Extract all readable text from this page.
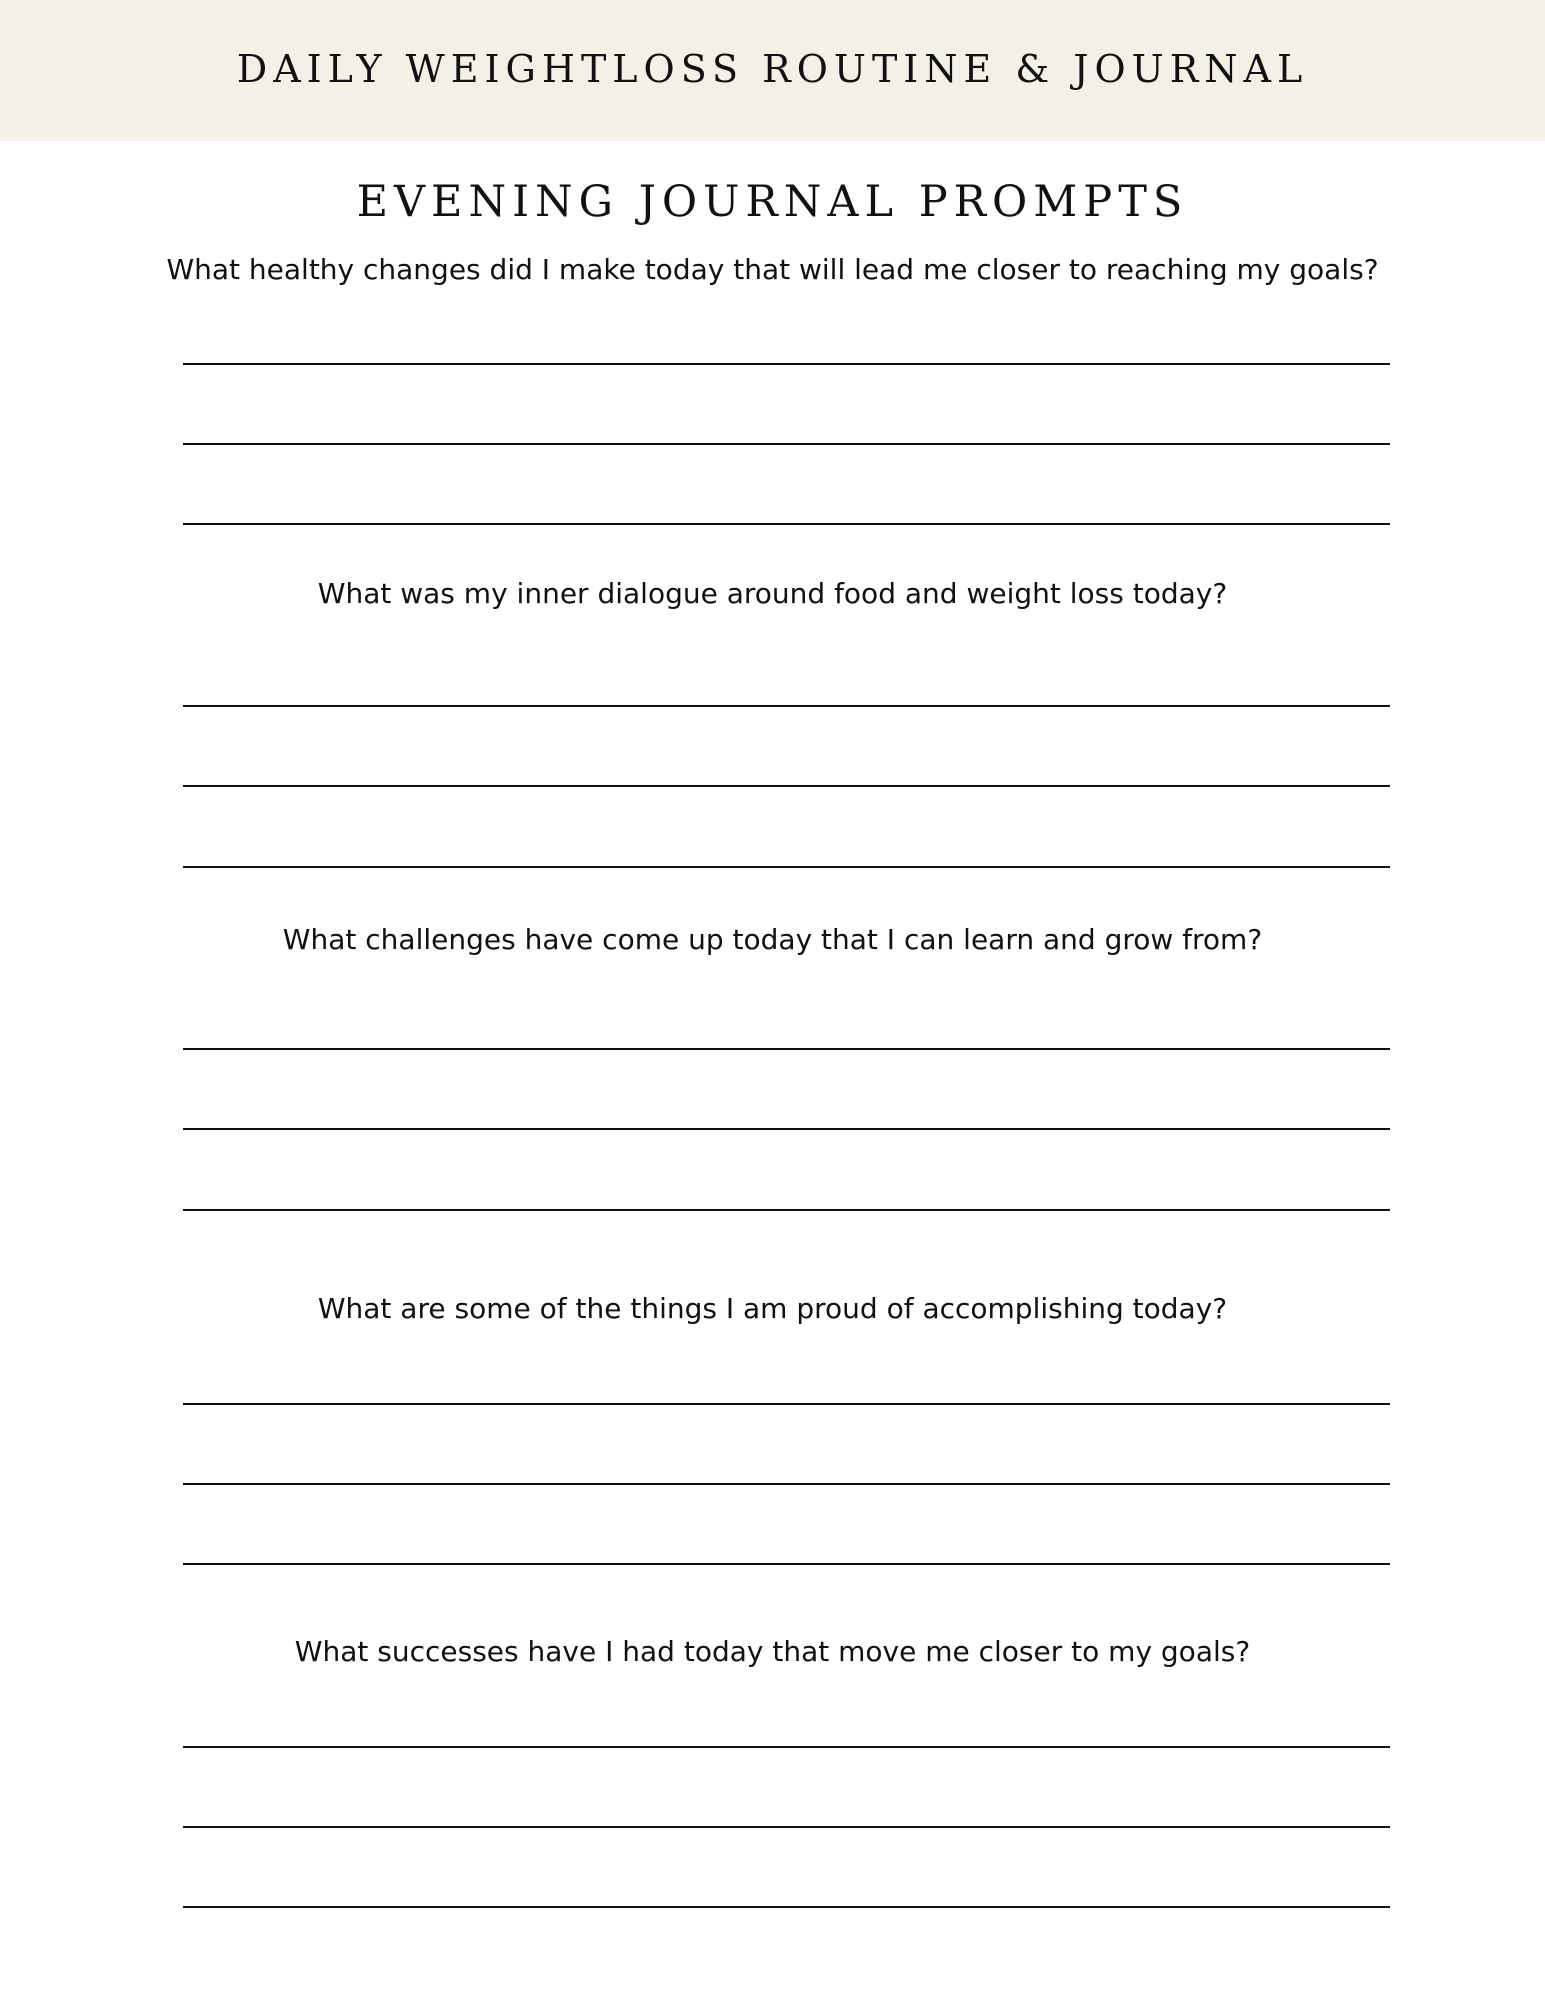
DAILY WEIGHTLOSS ROUTINE & JOURNAL
EVENING JOURNAL PROMPTS
What healthy changes did I make today that will lead me closer to reaching my goals?
What was my inner dialogue around food and weight loss today?
What challenges have come up today that I can learn and grow from?
What are some of the things I am proud of accomplishing today?
What successes have I had today that move me closer to my goals?
